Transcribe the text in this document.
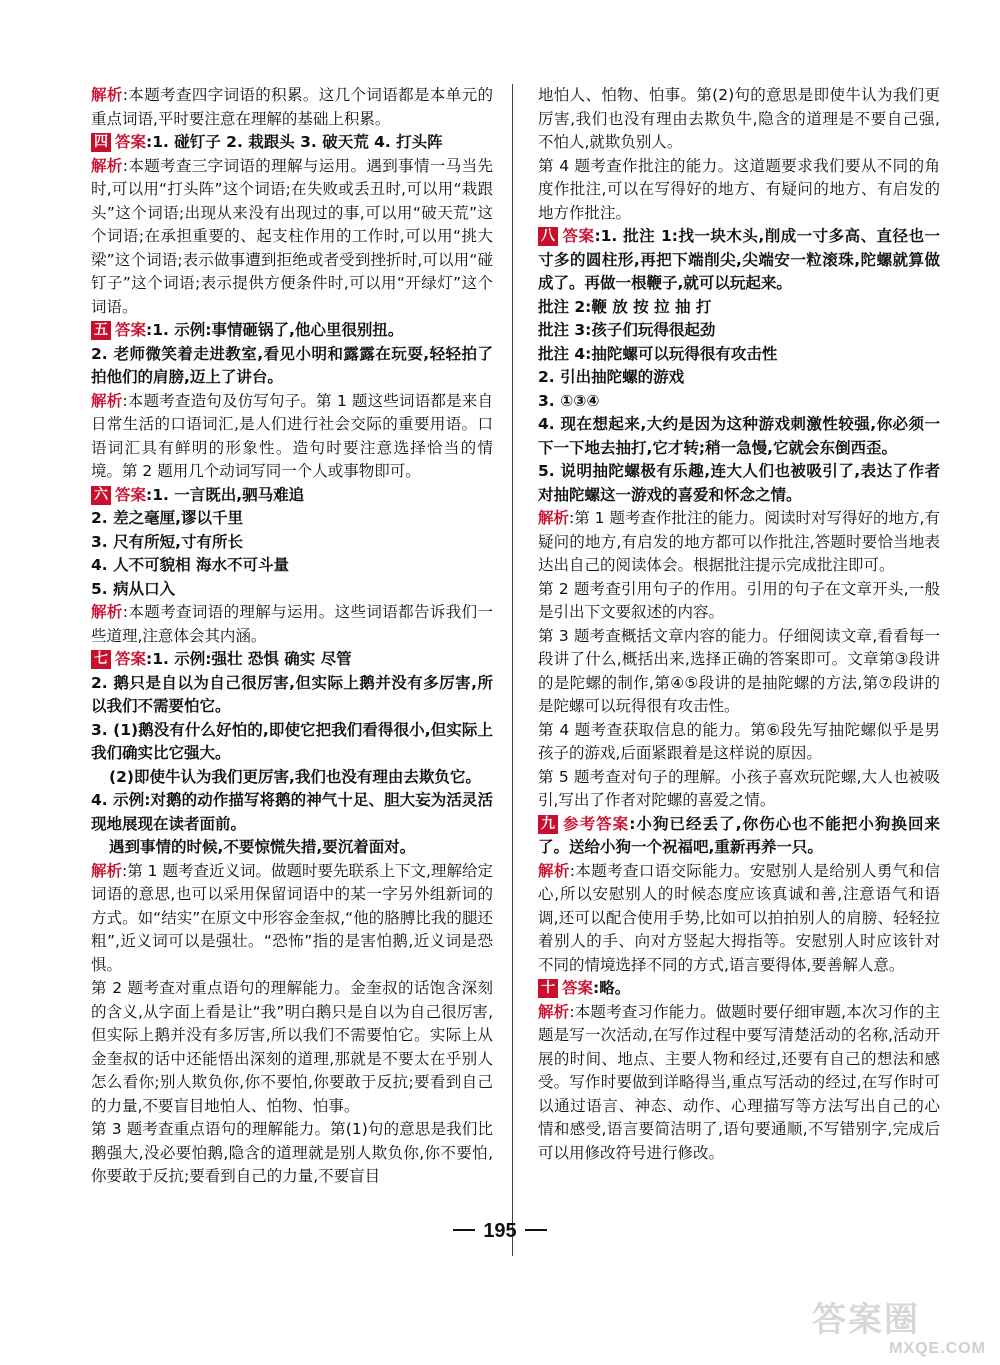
解析:本题考查四字词语的积累。这几个词语都是本单元的重点词语,平时要注意在理解的基础上积累。

四 答案:1. 碰钉子 2. 栽跟头 3. 破天荒 4. 打头阵

解析:本题考查三字词语的理解与运用。遇到事情一马当先时,可以用“打头阵”这个词语;在失败或丢丑时,可以用“栽跟头”这个词语;出现从来没有出现过的事,可以用“破天荒”这个词语;在承担重要的、起支柱作用的工作时,可以用“挑大梁”这个词语;表示做事遭到拒绝或者受到挫折时,可以用“碰钉子”这个词语;表示提供方便条件时,可以用“开绿灯”这个词语。

五 答案:1. 示例:事情砸锅了,他心里很别扭。

2. 老师微笑着走进教室,看见小明和露露在玩耍,轻轻拍了拍他们的肩膀,迈上了讲台。

解析:本题考查造句及仿写句子。第 1 题这些词语都是来自日常生活的口语词汇,是人们进行社会交际的重要用语。口语词汇具有鲜明的形象性。造句时要注意选择恰当的情境。第 2 题用几个动词写同一个人或事物即可。

六 答案:1. 一言既出,驷马难追

2. 差之毫厘,谬以千里

3. 尺有所短,寸有所长

4. 人不可貌相 海水不可斗量

5. 病从口入

解析:本题考查词语的理解与运用。这些词语都告诉我们一些道理,注意体会其内涵。

七 答案:1. 示例:强壮 恐惧 确实 尽管

2. 鹅只是自以为自己很厉害,但实际上鹅并没有多厉害,所以我们不需要怕它。

3. (1)鹅没有什么好怕的,即使它把我们看得很小,但实际上我们确实比它强大。

(2)即使牛认为我们更厉害,我们也没有理由去欺负它。

4. 示例:对鹅的动作描写将鹅的神气十足、胆大妄为活灵活现地展现在读者面前。

遇到事情的时候,不要惊慌失措,要沉着面对。

解析:第 1 题考查近义词。做题时要先联系上下文,理解给定词语的意思,也可以采用保留词语中的某一字另外组新词的方式。如“结实”在原文中形容金奎叔,“他的胳膊比我的腿还粗”,近义词可以是强壮。“恐怖”指的是害怕鹅,近义词是恐惧。

第 2 题考查对重点语句的理解能力。金奎叔的话饱含深刻的含义,从字面上看是让“我”明白鹅只是自以为自己很厉害,但实际上鹅并没有多厉害,所以我们不需要怕它。实际上从金奎叔的话中还能悟出深刻的道理,那就是不要太在乎别人怎么看你;别人欺负你,你不要怕,你要敢于反抗;要看到自己的力量,不要盲目地怕人、怕物、怕事。

第 3 题考查重点语句的理解能力。第(1)句的意思是我们比鹅强大,没必要怕鹅,隐含的道理就是别人欺负你,你不要怕,你要敢于反抗;要看到自己的力量,不要盲目

地怕人、怕物、怕事。第(2)句的意思是即使牛认为我们更厉害,我们也没有理由去欺负牛,隐含的道理是不要自己强,不怕人,就欺负别人。

第 4 题考查作批注的能力。这道题要求我们要从不同的角度作批注,可以在写得好的地方、有疑问的地方、有启发的地方作批注。

八 答案:1. 批注 1:找一块木头,削成一寸多高、直径也一寸多的圆柱形,再把下端削尖,尖端安一粒滚珠,陀螺就算做成了。再做一根鞭子,就可以玩起来。

批注 2:鞭 放 按 拉 抽 打

批注 3:孩子们玩得很起劲

批注 4:抽陀螺可以玩得很有攻击性

2. 引出抽陀螺的游戏

3. ①③④

4. 现在想起来,大约是因为这种游戏刺激性较强,你必须一下一下地去抽打,它才转;稍一急慢,它就会东倒西歪。

5. 说明抽陀螺极有乐趣,连大人们也被吸引了,表达了作者对抽陀螺这一游戏的喜爱和怀念之情。

解析:第 1 题考查作批注的能力。阅读时对写得好的地方,有疑问的地方,有启发的地方都可以作批注,答题时要恰当地表达出自己的阅读体会。根据批注提示完成批注即可。

第 2 题考查引用句子的作用。引用的句子在文章开头,一般是引出下文要叙述的内容。

第 3 题考查概括文章内容的能力。仔细阅读文章,看看每一段讲了什么,概括出来,选择正确的答案即可。文章第③段讲的是陀螺的制作,第④⑤段讲的是抽陀螺的方法,第⑦段讲的是陀螺可以玩得很有攻击性。

第 4 题考查获取信息的能力。第⑥段先写抽陀螺似乎是男孩子的游戏,后面紧跟着是这样说的原因。

第 5 题考查对句子的理解。小孩子喜欢玩陀螺,大人也被吸引,写出了作者对陀螺的喜爱之情。

九 参考答案:小狗已经丢了,你伤心也不能把小狗换回来了。送给小狗一个祝福吧,重新再养一只。

解析:本题考查口语交际能力。安慰别人是给别人勇气和信心,所以安慰别人的时候态度应该真诚和善,注意语气和语调,还可以配合使用手势,比如可以拍拍别人的肩膀、轻轻拉着别人的手、向对方竖起大拇指等。安慰别人时应该针对不同的情境选择不同的方式,语言要得体,要善解人意。

十 答案:略。

解析:本题考查习作能力。做题时要仔细审题,本次习作的主题是写一次活动,在写作过程中要写清楚活动的名称,活动开展的时间、地点、主要人物和经过,还要有自己的想法和感受。写作时要做到详略得当,重点写活动的经过,在写作时可以通过语言、神态、动作、心理描写等方法写出自己的心情和感受,语言要简洁明了,语句要通顺,不写错别字,完成后可以用修改符号进行修改。

195
答案圈
MXQE.COM
